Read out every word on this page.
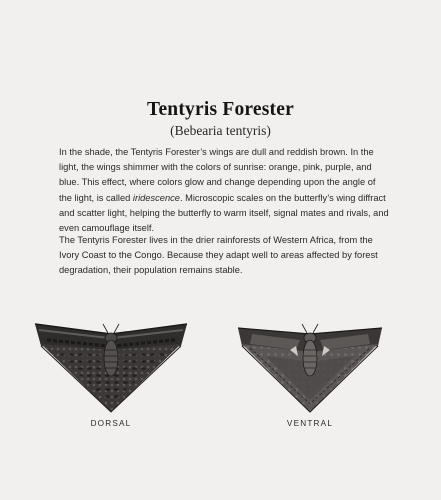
Tentyris Forester
(Bebearia tentyris)

In the shade, the Tentyris Forester’s wings are dull and reddish brown. In the light, the wings shimmer with the colors of sunrise: orange, pink, purple, and blue. This effect, where colors glow and change depending upon the angle of the light, is called iridescence. Microscopic scales on the butterfly’s wing diffract and scatter light, helping the butterfly to warm itself, signal mates and rivals, and even camouflage itself.

The Tentyris Forester lives in the drier rainforests of Western Africa, from the Ivory Coast to the Congo. Because they adapt well to areas affected by forest degradation, their population remains stable.

DORSAL	VENTRAL
